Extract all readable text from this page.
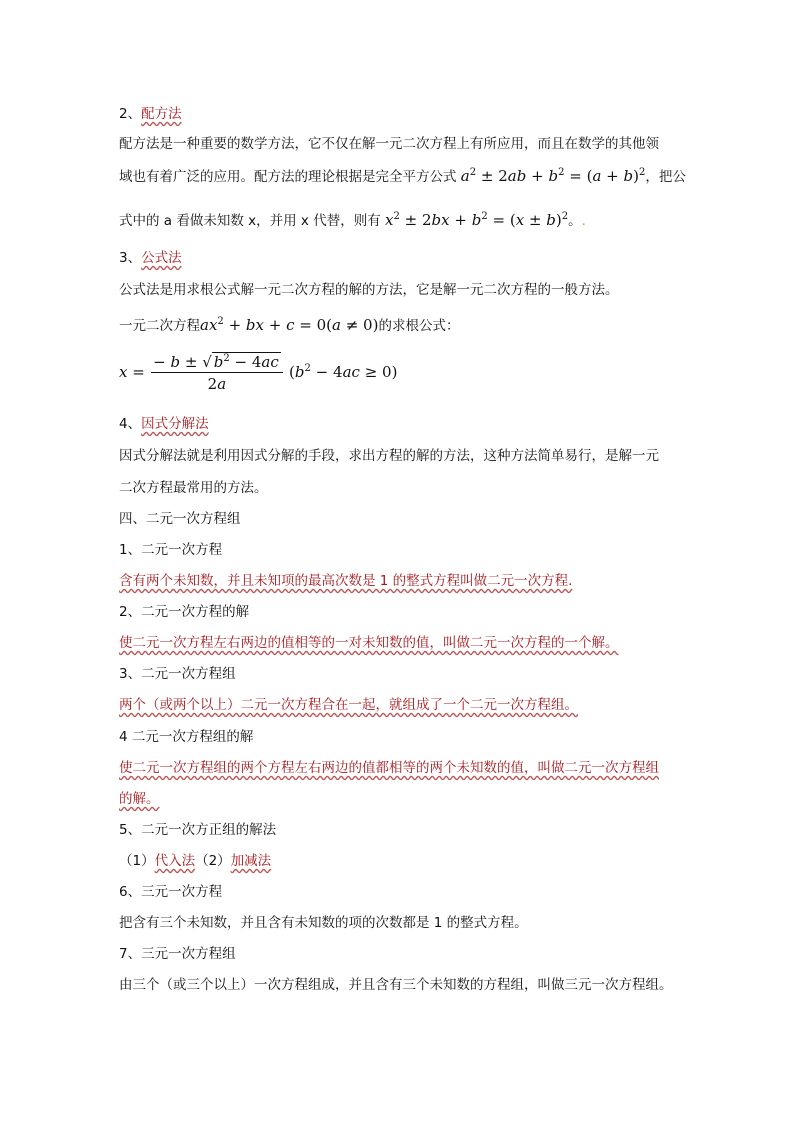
2、配方法
配方法是一种重要的数学方法，它不仅在解一元二次方程上有所应用，而且在数学的其他领
域也有着广泛的应用。配方法的理论根据是完全平方公式 $a^2 \pm 2ab + b^2 = (a + b)^2$，把公
式中的 a 看做未知数 x，并用 x 代替，则有 $x^2 \pm 2bx + b^2 = (x \pm b)^2$。.
3、公式法
公式法是用求根公式解一元二次方程的解的方法，它是解一元二次方程的一般方法。
一元二次方程$ax^2$ + bx + c = 0(a ≠ 0)的求根公式：
$x = \frac{- b \pm √ b^2 - 4ac}{2a} (b^2 - 4ac \ge 0)$
4、因式分解法
因式分解法就是利用因式分解的手段，求出方程的解的方法，这种方法简单易行，是解一元
二次方程最常用的方法。
四、二元一次方程组
1、二元一次方程
含有两个未知数，并且未知项的最高次数是 1 的整式方程叫做二元一次方程.
2、二元一次方程的解
使二元一次方程左右两边的值相等的一对未知数的值，叫做二元一次方程的一个解。
3、二元一次方程组
两个（或两个以上）二元一次方程合在一起，就组成了一个二元一次方程组。
4 二元一次方程组的解
使二元一次方程组的两个方程左右两边的值都相等的两个未知数的值，叫做二元一次方程组
的解。
5、二元一次方正组的解法
（1）代入法（2）加减法
6、三元一次方程
把含有三个未知数，并且含有未知数的项的次数都是 1 的整式方程。
7、三元一次方程组
由三个（或三个以上）一次方程组成，并且含有三个未知数的方程组，叫做三元一次方程组。
